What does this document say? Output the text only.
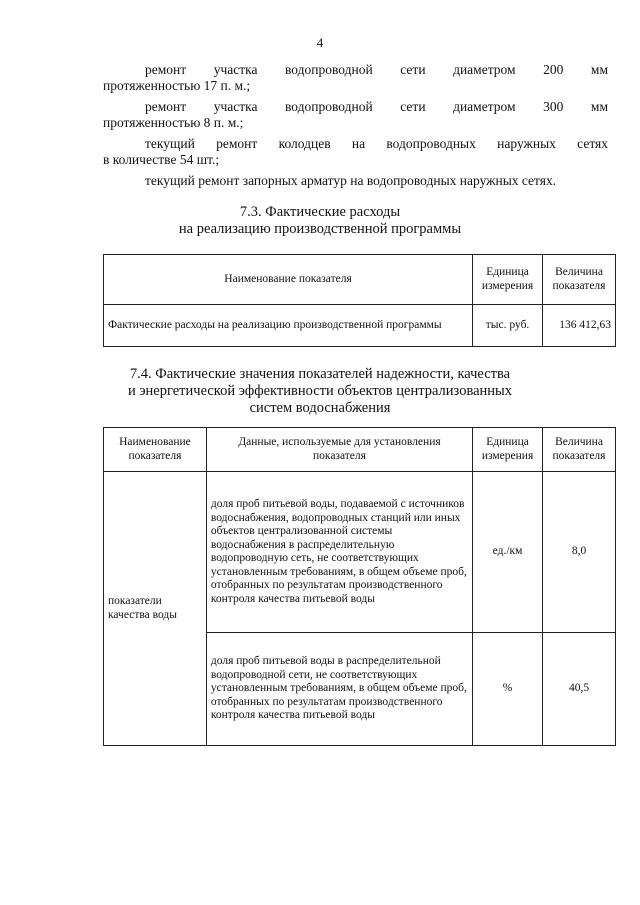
4
ремонт участка водопроводной сети диаметром 200 мм
протяженностью 17 п. м.;
ремонт участка водопроводной сети диаметром 300 мм
протяженностью 8 п. м.;
текущий ремонт колодцев на водопроводных наружных сетях
в количестве 54 шт.;
текущий ремонт запорных арматур на водопроводных наружных сетях.
7.3. Фактические расходы
на реализацию производственной программы
Наименование показателя	Единица измерения	Величина показателя
Фактические расходы на реализацию производственной программы	тыс. руб.	136 412,63
7.4. Фактические значения показателей надежности, качества
и энергетической эффективности объектов централизованных
систем водоснабжения
Наименование показателя	Данные, используемые для установления показателя	Единица измерения	Величина показателя
показатели качества воды	доля проб питьевой воды, подаваемой с источников водоснабжения, водопроводных станций или иных объектов централизованной системы водоснабжения в распределительную водопроводную сеть, не соответствующих установленным требованиям, в общем объеме проб, отобранных по результатам производственного контроля качества питьевой воды	ед./км	8,0
	доля проб питьевой воды в распределительной водопроводной сети, не соответствующих установленным требованиям, в общем объеме проб, отобранных по результатам производственного контроля качества питьевой воды	%	40,5
